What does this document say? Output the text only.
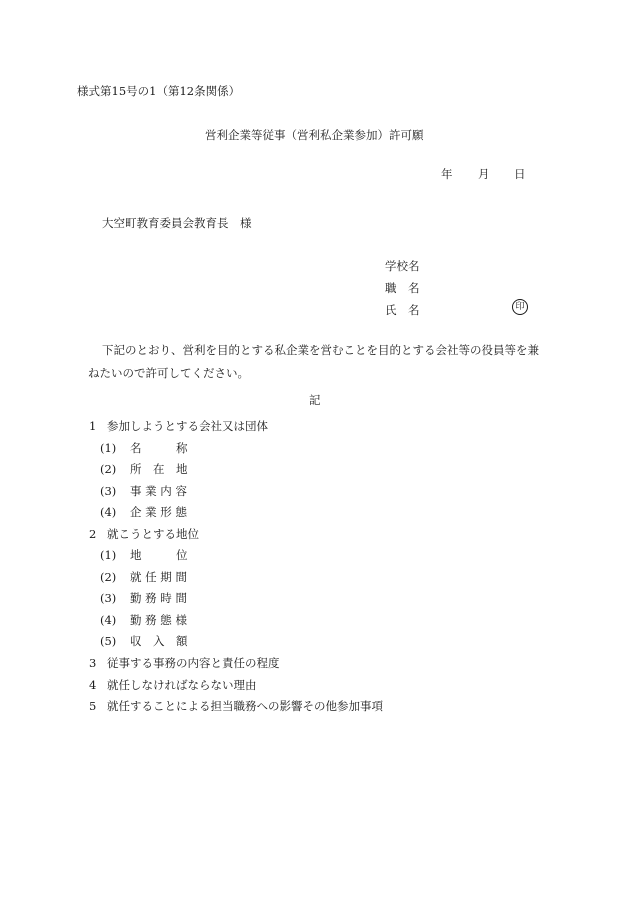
様式第15号の1（第12条関係）
営利企業等従事（営利私企業参加）許可願
年 月 日
大空町教育委員会教育長　様
学校名
職　名
氏　名	印
下記のとおり、営利を目的とする私企業を営むことを目的とする会社等の役員等を兼
ねたいので許可してください。
記
1 参加しようとする会社又は団体
(1) 名　　　称
(2) 所　在　地
(3) 事 業 内 容
(4) 企 業 形 態
2 就こうとする地位
(1) 地　　　位
(2) 就 任 期 間
(3) 勤 務 時 間
(4) 勤 務 態 様
(5) 収　入　額
3 従事する事務の内容と責任の程度
4 就任しなければならない理由
5 就任することによる担当職務への影響その他参加事項
